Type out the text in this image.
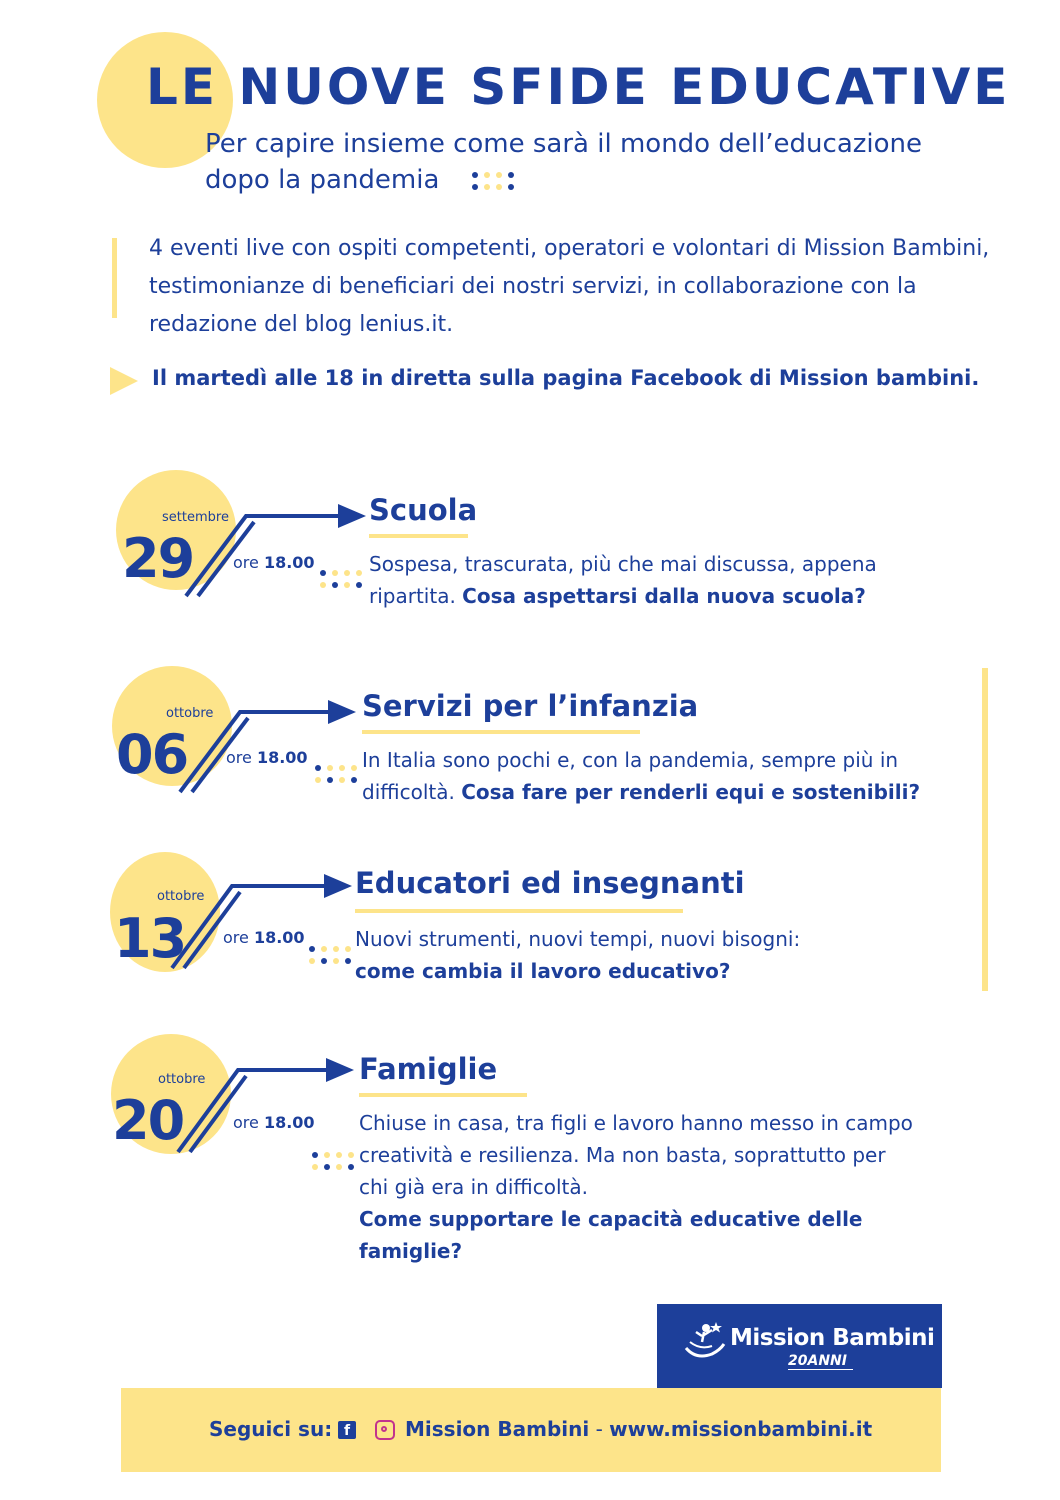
LE NUOVE SFIDE EDUCATIVE

Per capire insieme come sarà il mondo dell’educazione
dopo la pandemia

4 eventi live con ospiti competenti, operatori e volontari di Mission Bambini,
testimonianze di beneficiari dei nostri servizi, in collaborazione con la
redazione del blog lenius.it.

Il martedì alle 18 in diretta sulla pagina Facebook di Mission bambini.

settembre
29 ore 18.00
Scuola

Sospesa, trascurata, più che mai discussa, appena ripartita. Cosa aspettarsi dalla nuova scuola?

ottobre
06 ore 18.00
Servizi per l’infanzia

In Italia sono pochi e, con la pandemia, sempre più in difficoltà. Cosa fare per renderli equi e sostenibili?

ottobre
13 ore 18.00
Educatori ed insegnanti

Nuovi strumenti, nuovi tempi, nuovi bisogni:
come cambia il lavoro educativo?

ottobre
20	ore 18.00
Famiglie

Chiuse in casa, tra figli e lavoro hanno messo in campo creatività e resilienza. Ma non basta, soprattutto per chi già era in difficoltà.
Come supportare le capacità educative delle famiglie?

Mission Bambini
20ANNI
Seguici su: f	Mission Bambini - www.missionbambini.it
